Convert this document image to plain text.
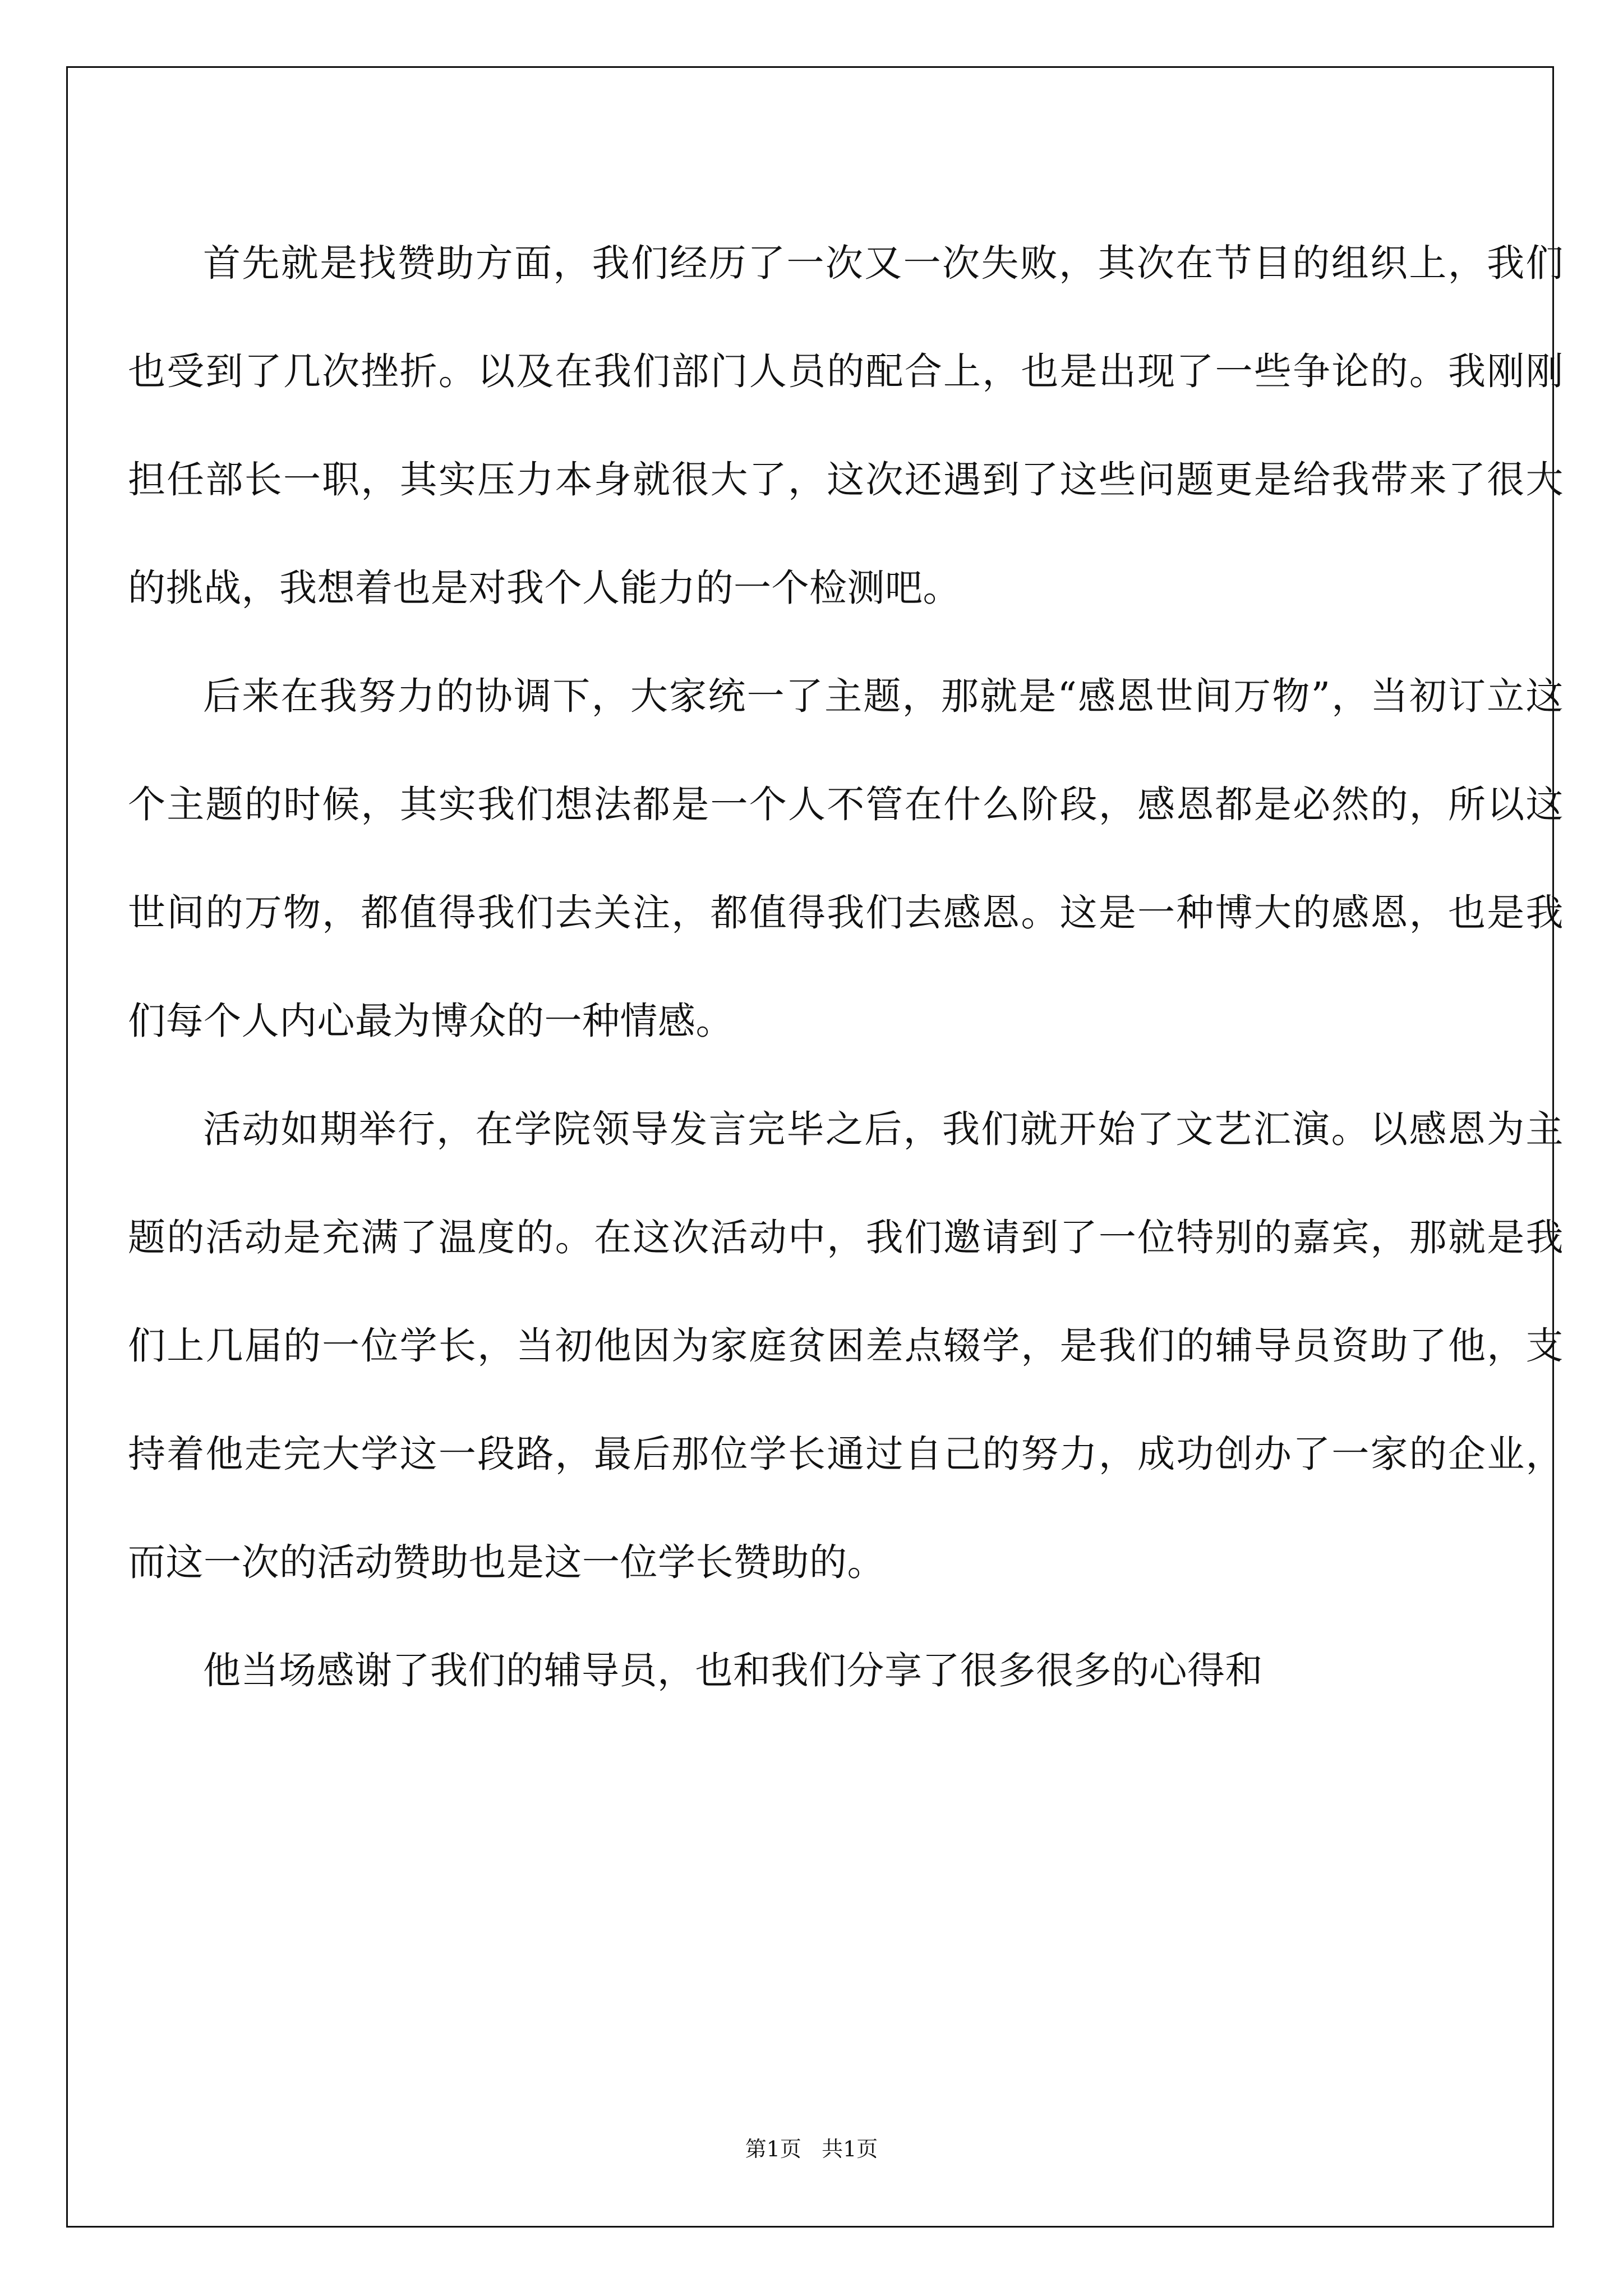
首先就是找赞助方面，我们经历了一次又一次失败，其次在节目的组织上，我们也受到了几次挫折。以及在我们部门人员的配合上，也是出现了一些争论的。我刚刚担任部长一职，其实压力本身就很大了，这次还遇到了这些问题更是给我带来了很大的挑战，我想着也是对我个人能力的一个检测吧。

后来在我努力的协调下，大家统一了主题，那就是“感恩世间万物”，当初订立这个主题的时候，其实我们想法都是一个人不管在什么阶段，感恩都是必然的，所以这世间的万物，都值得我们去关注，都值得我们去感恩。这是一种博大的感恩，也是我们每个人内心最为博众的一种情感。

活动如期举行，在学院领导发言完毕之后，我们就开始了文艺汇演。以感恩为主题的活动是充满了温度的。在这次活动中，我们邀请到了一位特别的嘉宾，那就是我们上几届的一位学长，当初他因为家庭贫困差点辍学，是我们的辅导员资助了他，支持着他走完大学这一段路，最后那位学长通过自己的努力，成功创办了一家的企业，而这一次的活动赞助也是这一位学长赞助的。

他当场感谢了我们的辅导员，也和我们分享了很多很多的心得和

第1页   共1页
